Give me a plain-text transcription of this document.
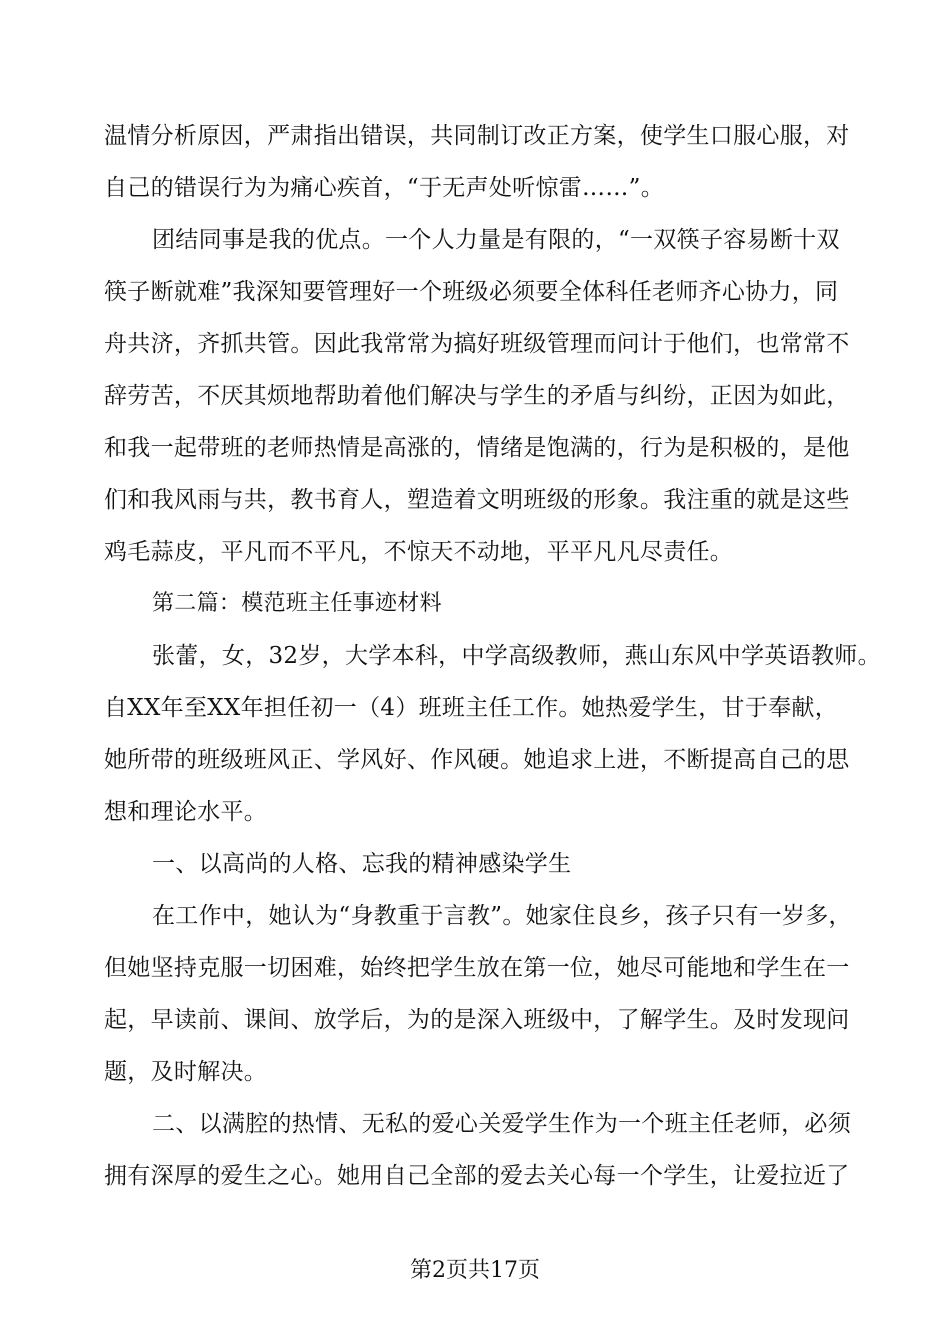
温情分析原因，严肃指出错误，共同制订改正方案，使学生口服心服，对
自己的错误行为为痛心疾首，“于无声处听惊雷……”。
团结同事是我的优点。一个人力量是有限的，“一双筷子容易断十双
筷子断就难”我深知要管理好一个班级必须要全体科任老师齐心协力，同
舟共济，齐抓共管。因此我常常为搞好班级管理而问计于他们，也常常不
辞劳苦，不厌其烦地帮助着他们解决与学生的矛盾与纠纷，正因为如此，
和我一起带班的老师热情是高涨的，情绪是饱满的，行为是积极的，是他
们和我风雨与共，教书育人，塑造着文明班级的形象。我注重的就是这些
鸡毛蒜皮，平凡而不平凡，不惊天不动地，平平凡凡尽责任。
第二篇：模范班主任事迹材料
张蕾，女，32岁，大学本科，中学高级教师，燕山东风中学英语教师。
自XX年至XX年担任初一（4）班班主任工作。她热爱学生，甘于奉献，
她所带的班级班风正、学风好、作风硬。她追求上进，不断提高自己的思
想和理论水平。
一、以高尚的人格、忘我的精神感染学生
在工作中，她认为“身教重于言教”。她家住良乡，孩子只有一岁多，
但她坚持克服一切困难，始终把学生放在第一位，她尽可能地和学生在一
起，早读前、课间、放学后，为的是深入班级中，了解学生。及时发现问
题，及时解决。
二、以满腔的热情、无私的爱心关爱学生作为一个班主任老师，必须
拥有深厚的爱生之心。她用自己全部的爱去关心每一个学生，让爱拉近了
第2页共17页
